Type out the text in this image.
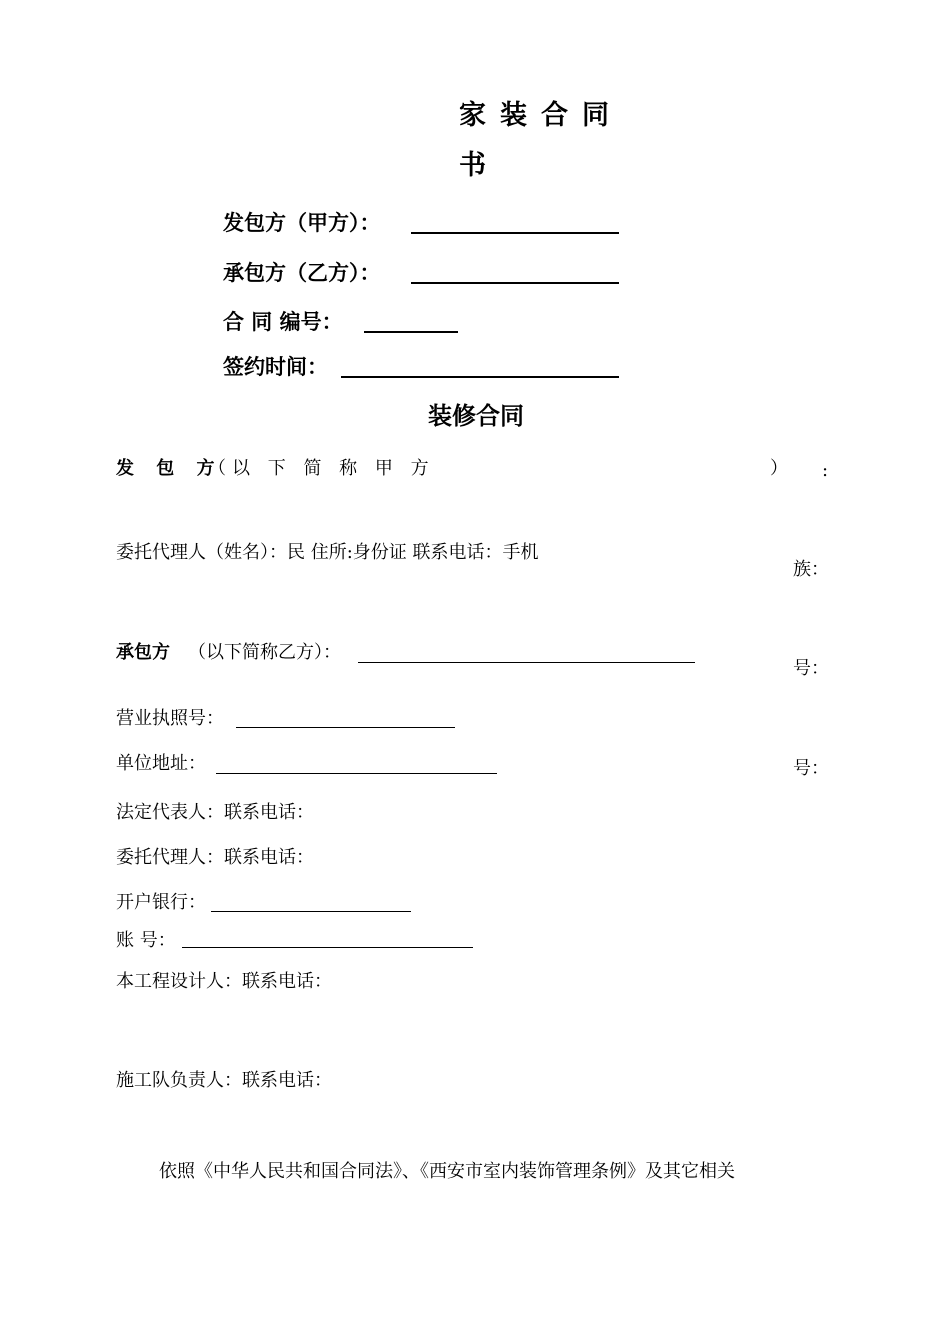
家装合同
书
发包方（甲方）：
承包方（乙方）：
合 同 编号：
签约时间：
装修合同
发 包 方
（以 下 简 称 甲 方	） :
委托代理人（姓名）：民 住所:身份证 联系电话：手机
族：
承包方 （以下简称乙方）：
号：
营业执照号：
单位地址：	号：
法定代表人：联系电话：
委托代理人：联系电话：
开户银行：
账 号：
本工程设计人：联系电话：
施工队负责人：联系电话：
依照《中华人民共和国合同法》、《西安市室内装饰管理条例》及其它相关
